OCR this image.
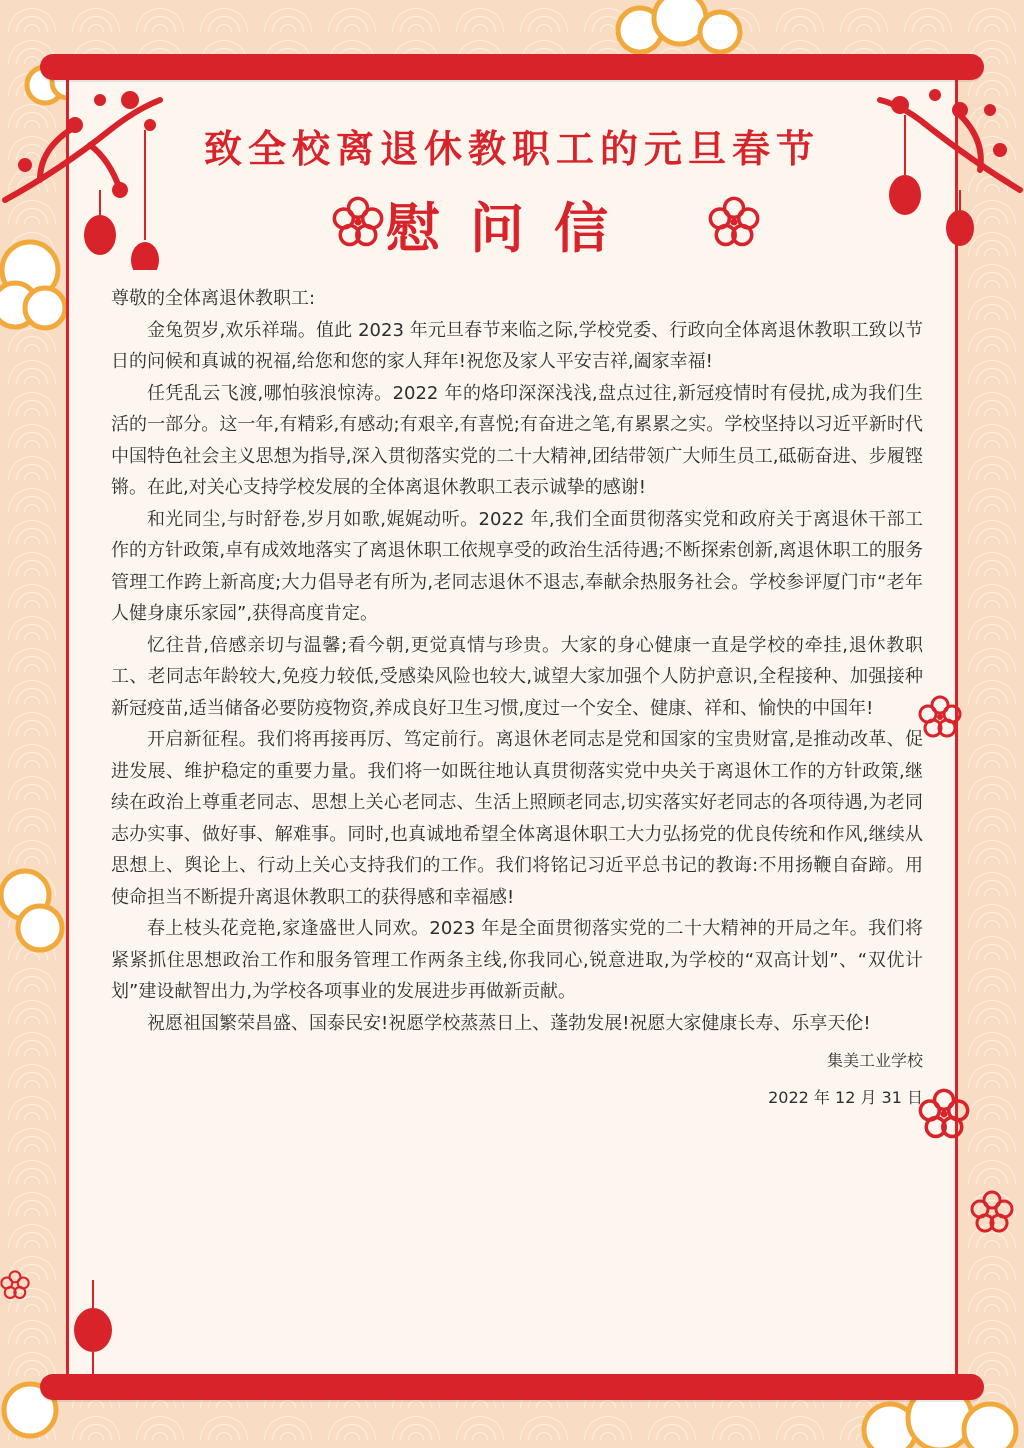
致全校离退休教职工的元旦春节
慰问信

尊敬的全体离退休教职工:

金兔贺岁,欢乐祥瑞。值此 2023 年元旦春节来临之际,学校党委、行政向全体离退休教职工致以节日的问候和真诚的祝福,给您和您的家人拜年!祝您及家人平安吉祥,阖家幸福!

任凭乱云飞渡,哪怕骇浪惊涛。2022 年的烙印深深浅浅,盘点过往,新冠疫情时有侵扰,成为我们生活的一部分。这一年,有精彩,有感动;有艰辛,有喜悦;有奋进之笔,有累累之实。学校坚持以习近平新时代中国特色社会主义思想为指导,深入贯彻落实党的二十大精神,团结带领广大师生员工,砥砺奋进、步履铿锵。在此,对关心支持学校发展的全体离退休教职工表示诚挚的感谢!

和光同尘,与时舒卷,岁月如歌,娓娓动听。2022 年,我们全面贯彻落实党和政府关于离退休干部工作的方针政策,卓有成效地落实了离退休职工依规享受的政治生活待遇;不断探索创新,离退休职工的服务管理工作跨上新高度;大力倡导老有所为,老同志退休不退志,奉献余热服务社会。学校参评厦门市“老年人健身康乐家园”,获得高度肯定。

忆往昔,倍感亲切与温馨;看今朝,更觉真情与珍贵。大家的身心健康一直是学校的牵挂,退休教职工、老同志年龄较大,免疫力较低,受感染风险也较大,诚望大家加强个人防护意识,全程接种、加强接种新冠疫苗,适当储备必要防疫物资,养成良好卫生习惯,度过一个安全、健康、祥和、愉快的中国年!

开启新征程。我们将再接再厉、笃定前行。离退休老同志是党和国家的宝贵财富,是推动改革、促进发展、维护稳定的重要力量。我们将一如既往地认真贯彻落实党中央关于离退休工作的方针政策,继续在政治上尊重老同志、思想上关心老同志、生活上照顾老同志,切实落实好老同志的各项待遇,为老同志办实事、做好事、解难事。同时,也真诚地希望全体离退休职工大力弘扬党的优良传统和作风,继续从思想上、舆论上、行动上关心支持我们的工作。我们将铭记习近平总书记的教诲:不用扬鞭自奋蹄。用使命担当不断提升离退休教职工的获得感和幸福感!

春上枝头花竞艳,家逢盛世人同欢。2023 年是全面贯彻落实党的二十大精神的开局之年。我们将紧紧抓住思想政治工作和服务管理工作两条主线,你我同心,锐意进取,为学校的“双高计划”、“双优计划”建设献智出力,为学校各项事业的发展进步再做新贡献。

祝愿祖国繁荣昌盛、国泰民安!祝愿学校蒸蒸日上、蓬勃发展!祝愿大家健康长寿、乐享天伦!

集美工业学校
2022 年 12 月 31 日
